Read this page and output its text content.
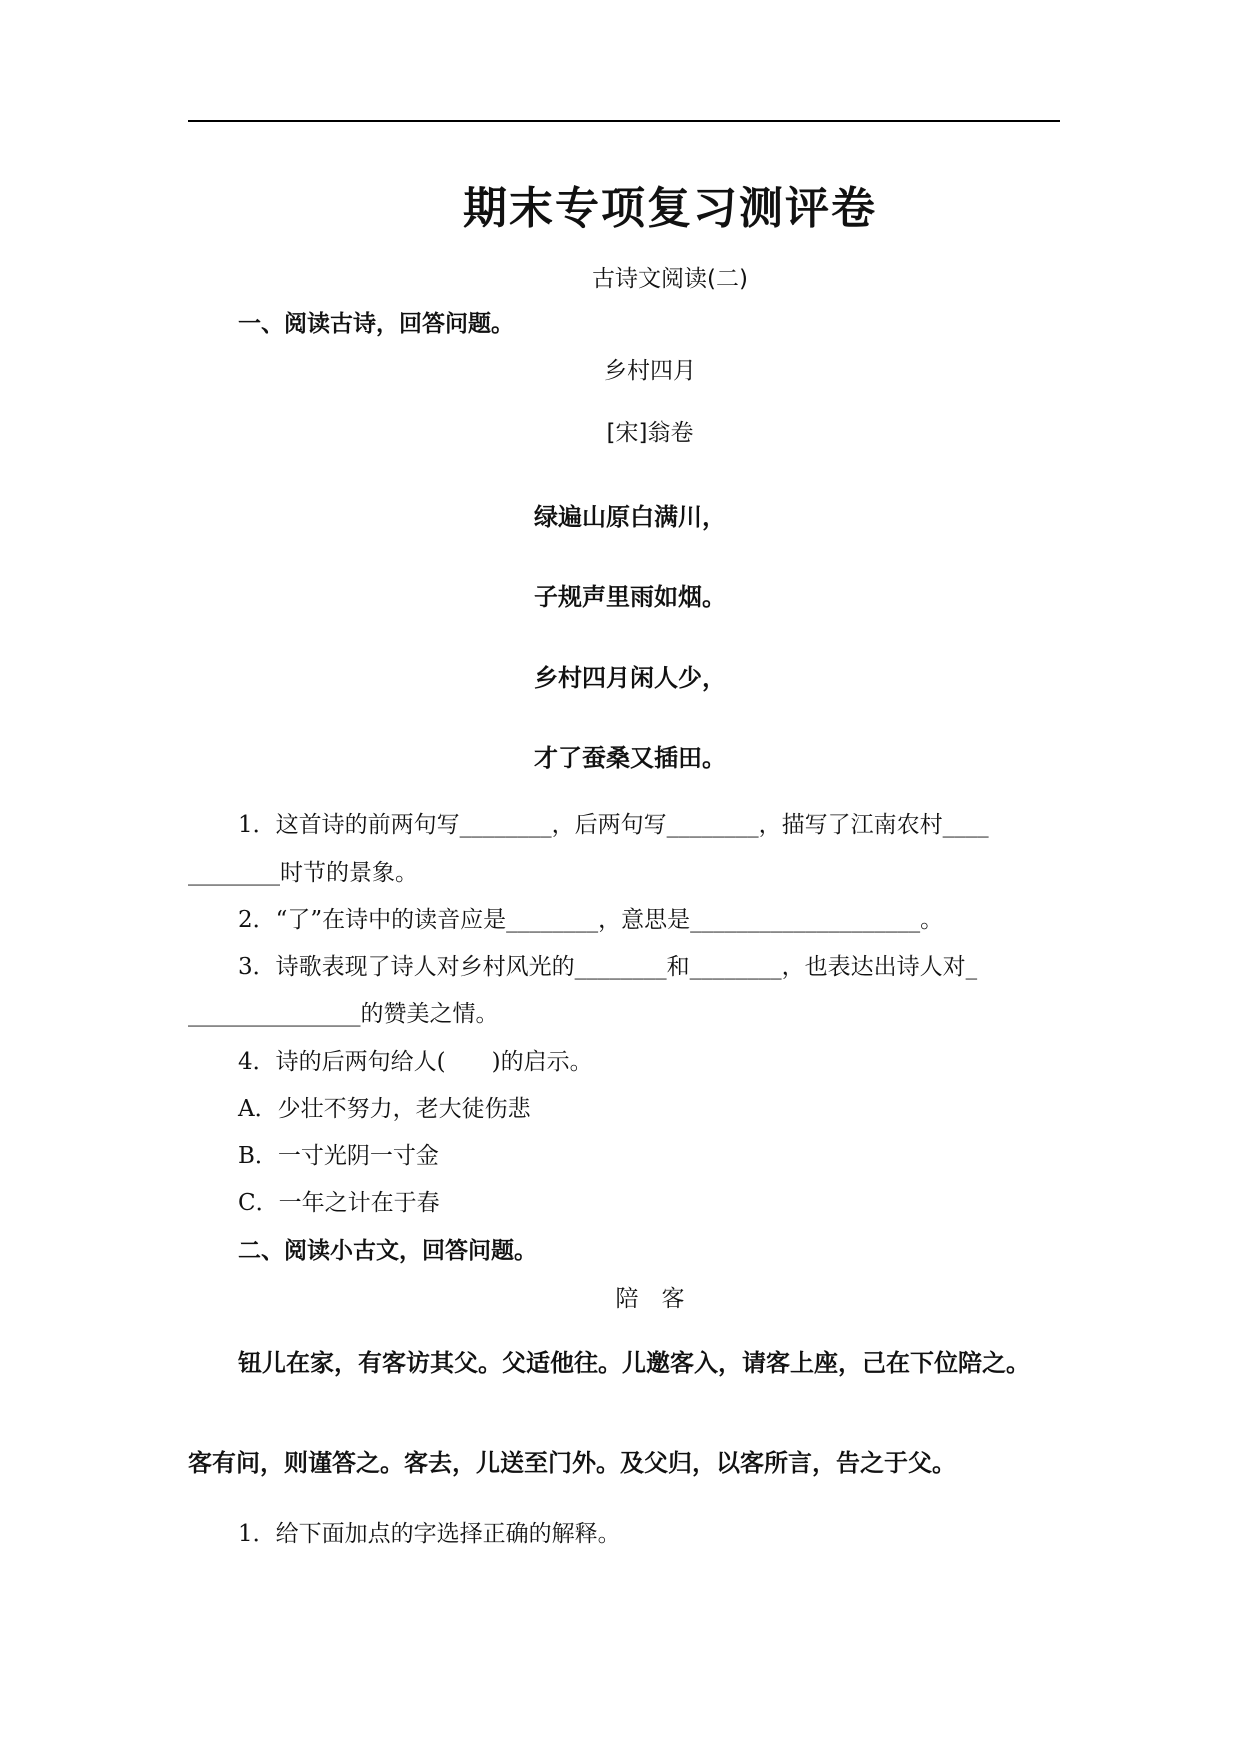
期末专项复习测评卷
古诗文阅读(二)
一、阅读古诗，回答问题。
乡村四月
[宋]翁卷
绿遍山原白满川，
子规声里雨如烟。
乡村四月闲人少，
才了蚕桑又插田。
1．这首诗的前两句写________，后两句写________，描写了江南农村____
________时节的景象。
2．“了”在诗中的读音应是________，意思是____________________。
3．诗歌表现了诗人对乡村风光的________和________，也表达出诗人对_
_______________的赞美之情。
4．诗的后两句给人(　　)的启示。
A．少壮不努力，老大徒伤悲
B．一寸光阴一寸金
C．一年之计在于春
二、阅读小古文，回答问题。
陪　客
钮儿在家，有客访其父。父适他往。儿邀客入，请客上座，己在下位陪之。
客有问，则谨答之。客去，儿送至门外。及父归，以客所言，告之于父。
1．给下面加点的字选择正确的解释。
